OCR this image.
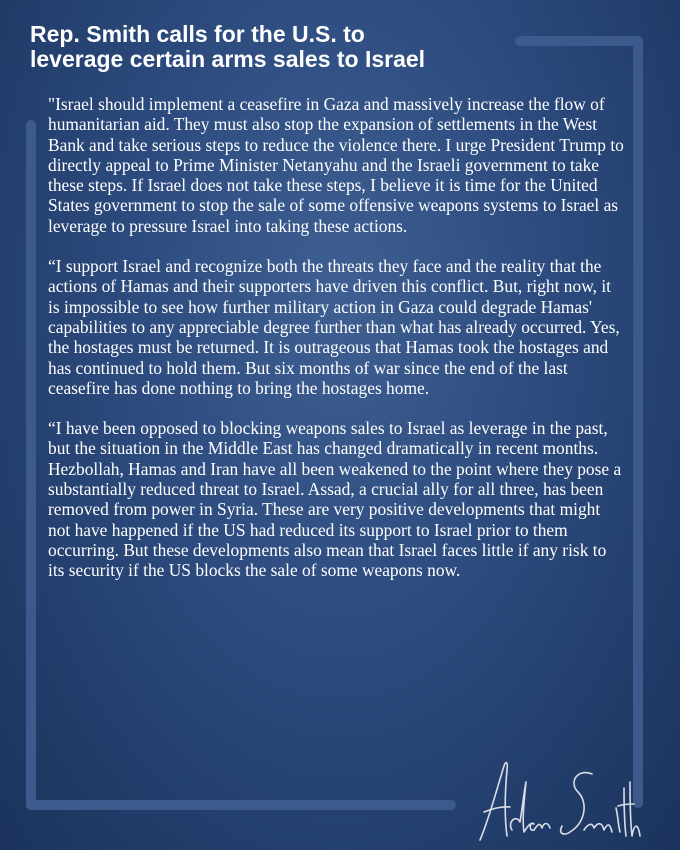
Rep. Smith calls for the U.S. to
leverage certain arms sales to Israel

"Israel should implement a ceasefire in Gaza and massively increase the flow of humanitarian aid. They must also stop the expansion of settlements in the West Bank and take serious steps to reduce the violence there. I urge President Trump to directly appeal to Prime Minister Netanyahu and the Israeli government to take these steps. If Israel does not take these steps, I believe it is time for the United States government to stop the sale of some offensive weapons systems to Israel as leverage to pressure Israel into taking these actions.

“I support Israel and recognize both the threats they face and the reality that the actions of Hamas and their supporters have driven this conflict. But, right now, it is impossible to see how further military action in Gaza could degrade Hamas' capabilities to any appreciable degree further than what has already occurred. Yes, the hostages must be returned. It is outrageous that Hamas took the hostages and has continued to hold them. But six months of war since the end of the last ceasefire has done nothing to bring the hostages home.

“I have been opposed to blocking weapons sales to Israel as leverage in the past, but the situation in the Middle East has changed dramatically in recent months. Hezbollah, Hamas and Iran have all been weakened to the point where they pose a substantially reduced threat to Israel. Assad, a crucial ally for all three, has been removed from power in Syria. These are very positive developments that might not have happened if the US had reduced its support to Israel prior to them occurring. But these developments also mean that Israel faces little if any risk to its security if the US blocks the sale of some weapons now.
